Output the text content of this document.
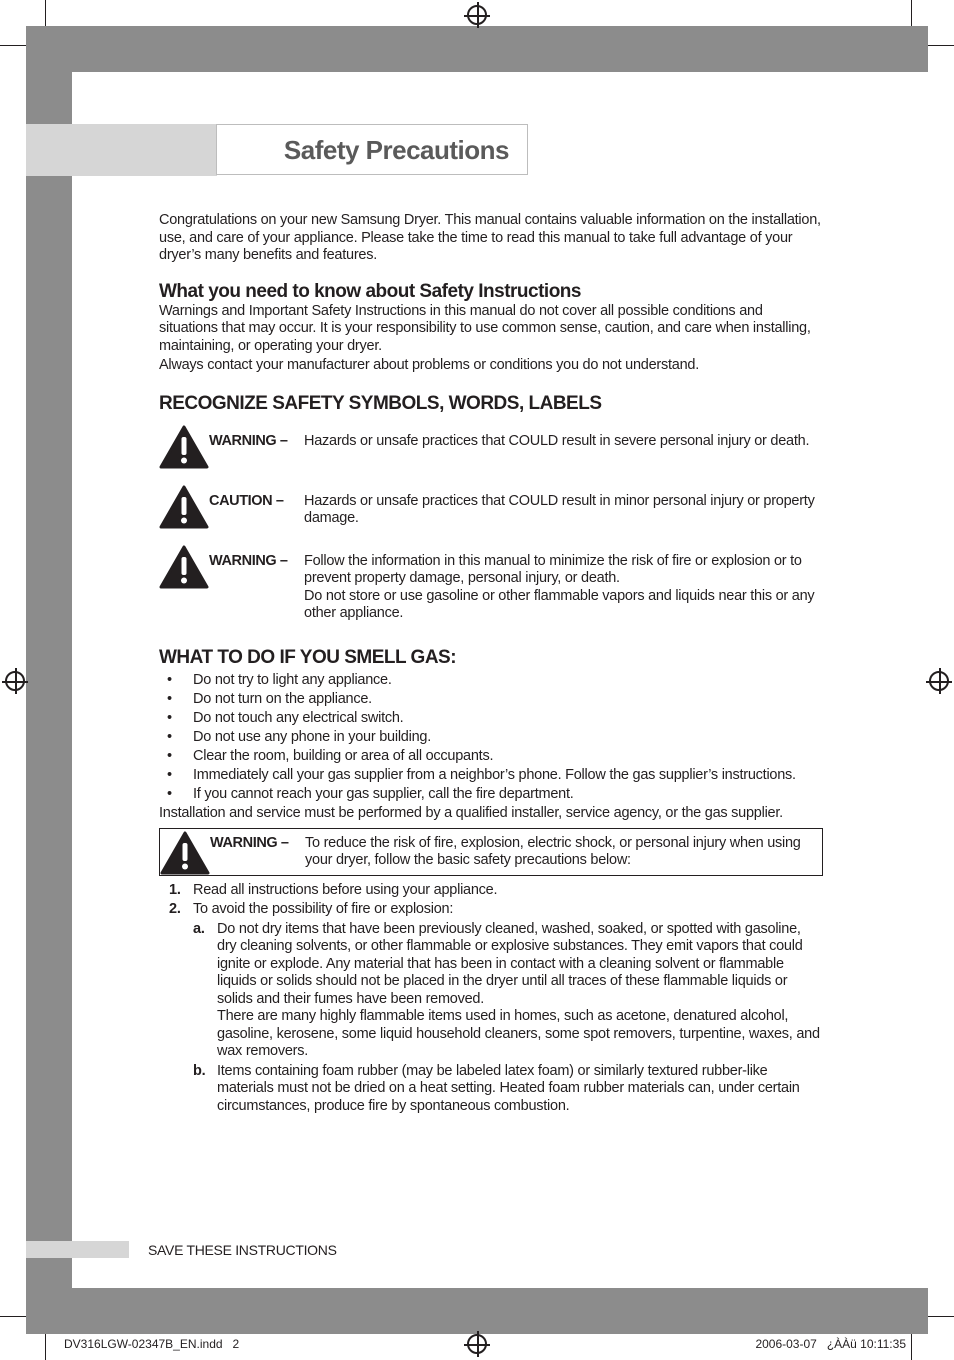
Safety Precautions

Congratulations on your new Samsung Dryer. This manual contains valuable information on the installation, use, and care of your appliance. Please take the time to read this manual to take full advantage of your dryer’s many benefits and features.

What you need to know about Safety Instructions

Warnings and Important Safety Instructions in this manual do not cover all possible conditions and situations that may occur. It is your responsibility to use common sense, caution, and care when installing, maintaining, or operating your dryer.

Always contact your manufacturer about problems or conditions you do not understand.

RECOGNIZE SAFETY SYMBOLS, WORDS, LABELS
WARNING –	Hazards or unsafe practices that COULD result in severe personal injury or death.
CAUTION –	Hazards or unsafe practices that COULD result in minor personal injury or property damage.
WARNING –	Follow the information in this manual to minimize the risk of fire or explosion or to prevent property damage, personal injury, or death.
Do not store or use gasoline or other flammable vapors and liquids near this or any other appliance.
WHAT TO DO IF YOU SMELL GAS:
• Do not try to light any appliance.
• Do not turn on the appliance.
• Do not touch any electrical switch.
• Do not use any phone in your building.
• Clear the room, building or area of all occupants.
• Immediately call your gas supplier from a neighbor’s phone. Follow the gas supplier’s instructions.
• If you cannot reach your gas supplier, call the fire department.

Installation and service must be performed by a qualified installer, service agency, or the gas supplier.

WARNING –	To reduce the risk of fire, explosion, electric shock, or personal injury when using your dryer, follow the basic safety precautions below:
1. Read all instructions before using your appliance.
2. To avoid the possibility of fire or explosion:
a. Do not dry items that have been previously cleaned, washed, soaked, or spotted with gasoline, dry cleaning solvents, or other flammable or explosive substances. They emit vapors that could ignite or explode. Any material that has been in contact with a cleaning solvent or flammable liquids or solids should not be placed in the dryer until all traces of these flammable liquids or solids and their fumes have been removed.
There are many highly flammable items used in homes, such as acetone, denatured alcohol, gasoline, kerosene, some liquid household cleaners, some spot removers, turpentine, waxes, and wax removers.
b. Items containing foam rubber (may be labeled latex foam) or similarly textured rubber-like materials must not be dried on a heat setting. Heated foam rubber materials can, under certain circumstances, produce fire by spontaneous combustion.
SAVE THESE INSTRUCTIONS
DV316LGW-02347B_EN.indd   2	2006-03-07   ¿ÀÀü 10:11:35
